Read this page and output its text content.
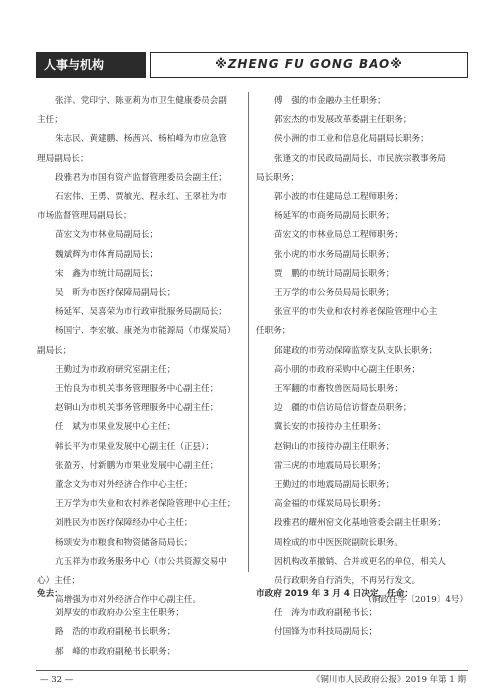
人事与机构	※ZHENG FU GONG BAO※
张洋、党印宁、陈亚莉为市卫生健康委员会副
主任；
朱志民、黄建鹏、杨茜兴、杨柏峰为市应急管
理局副局长；
段雅君为市国有资产监督管理委员会副主任；
石宏伟、王勇、贾敏光、程永红、王翠社为市
市场监督管理局副局长；
苗宏文为市林业局副局长；
魏斌辉为市体育局副局长；
宋　鑫为市统计局副局长；
吴　昕为市医疗保障局副局长；
杨延军、吴喜荣为市行政审批服务局副局长；
杨国宁、李宏敏、康尧为市能源局（市煤炭局）
副局长；
王勤过为市政府研究室副主任；
王怡良为市机关事务管理服务中心副主任；
赵铜山为市机关事务管理服务中心副主任；
任　斌为市果业发展中心主任；
韩长平为市果业发展中心副主任（正县）；
张盈芳、付新鹏为市果业发展中心副主任；
董念文为市对外经济合作中心主任；
王万学为市失业和农村养老保险管理中心主任；
刘胜民为市医疗保障经办中心主任；
杨颂安为市粮食和物资储备局局长；
亢玉祥为市政务服务中心（市公共资源交易中
心）主任；
高增强为市对外经济合作中心副主任。
傅　强的市金融办主任职务；
郭宏杰的市发展改革委副主任职务；
侯小洲的市工业和信息化局副局长职务；
张逢文的市民政局副局长、市民族宗教事务局
局长职务；
郭小波的市住建局总工程师职务；
杨延军的市商务局副局长职务；
苗宏文的市林业局总工程师职务；
张小虎的市水务局副局长职务；
贾　鹏的市统计局副局长职务；
王万学的市公务员局局长职务；
张宣平的市失业和农村养老保险管理中心主
任职务；
邱建政的市劳动保障监察支队支队长职务；
高小朋的市政府采购中心副主任职务；
王军翻的市畜牧兽医局局长职务；
边　疆的市信访局信访督查员职务；
冀长安的市接待办主任职务；
赵铜山的市接待办副主任职务；
雷三虎的市地震局局长职务；
王勤过的市地震局副局长职务；
高金福的市煤炭局局长职务；
段雅君的耀州窑文化基地管委会副主任职务；
周栓成的市中医医院副院长职务。
因机构改革撤销、合并或更名的单位，相关人
员行政职务自行消失，不再另行发文。
（铜政任字〔2019〕4号）
免去：
刘厚安的市政府办公室主任职务；
路　浩的市政府副秘书长职务；
郝　峰的市政府副秘书长职务；
市政府 2019 年 3 月 4 日决定，任命：
任　涛为市政府副秘书长；
付国锋为市科技局副局长；
— 32 —	《铜川市人民政府公报》2019 年第 1 期
